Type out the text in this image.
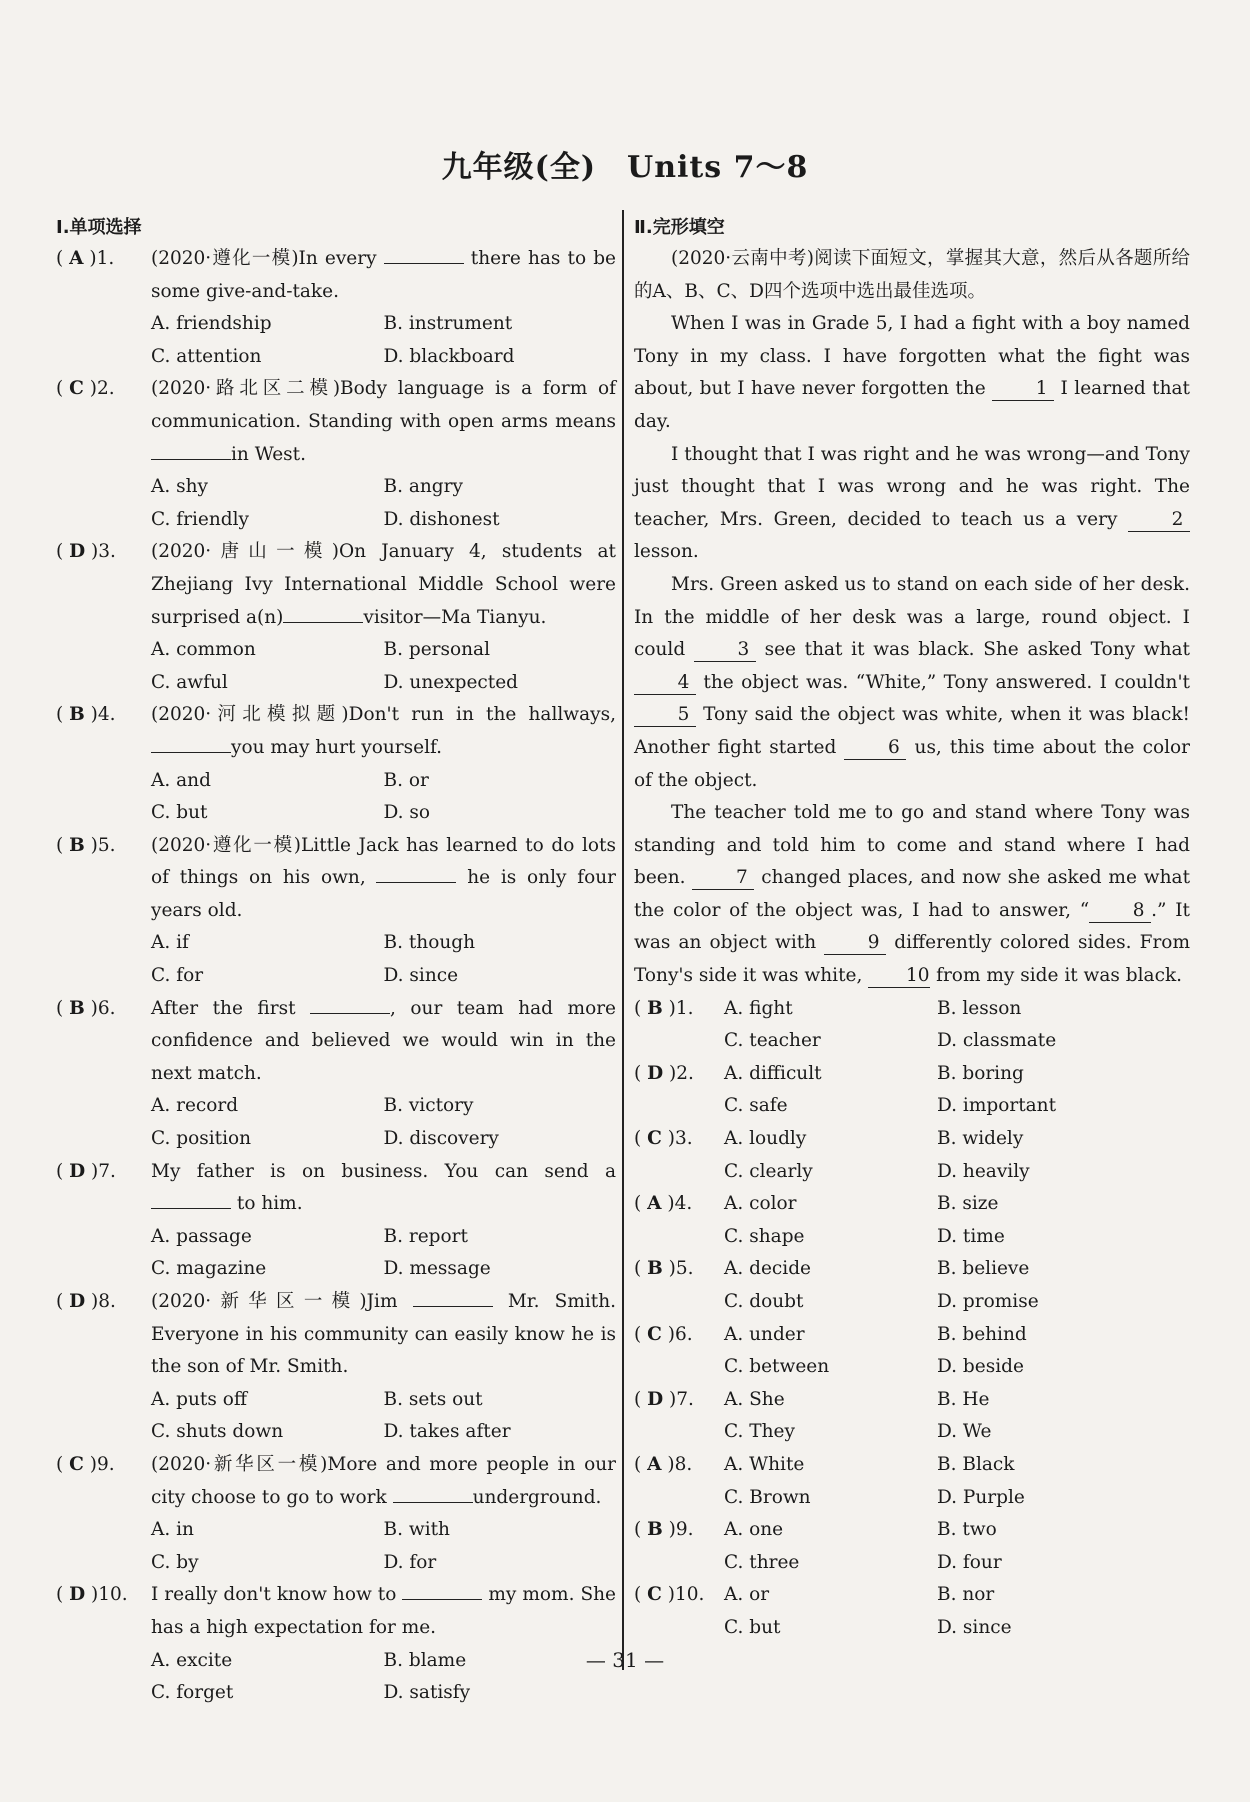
九年级(全)　Units 7～8
Ⅰ.单项选择
( A )1.	(2020·遵化一模)In every	there has to be some give-and-take.
A. friendship	B. instrument
C. attention	D. blackboard
( C )2.	(2020·路北区二模)Body language is a form of communication. Standing with open arms means in West.
A. shy	B. angry
C. friendly	D. dishonest
( D )3.	(2020·唐山一模)On January 4, students at Zhejiang Ivy International Middle School were surprised a(n)	visitor—Ma Tianyu.
A. common	B. personal
C. awful	D. unexpected
( B )4.	(2020·河北模拟题)Don't run in the hallways, you may hurt yourself.
A. and	B. or
C. but	D. so
( B )5.	(2020·遵化一模)Little Jack has learned to do lots of things on his own,	he is only four years old.
A. if	B. though
C. for	D. since
( B )6.	After the first	, our team had more confidence and believed we would win in the next match.
A. record	B. victory
C. position	D. discovery
( D )7.	My father is on business. You can send a  to him.
A. passage	B. report
C. magazine	D. message
( D )8.	(2020·新华区一模)Jim	Mr. Smith. Everyone in his community can easily know he is the son of Mr. Smith.
A. puts off	B. sets out
C. shuts down	D. takes after
( C )9.	(2020·新华区一模)More and more people in our city choose to go to work	underground.
A. in	B. with
C. by	D. for
( D )10.	I really don't know how to	my mom. She has a high expectation for me.
A. excite	B. blame
C. forget	D. satisfy
Ⅱ.完形填空

(2020·云南中考)阅读下面短文，掌握其大意，然后从各题所给的A、B、C、D四个选项中选出最佳选项。

When I was in Grade 5, I had a fight with a boy named Tony in my class. I have forgotten what the fight was about, but I have never forgotten the 1 I learned that day.

I thought that I was right and he was wrong—and Tony just thought that I was wrong and he was right. The teacher, Mrs. Green, decided to teach us a very 2 lesson.

Mrs. Green asked us to stand on each side of her desk. In the middle of her desk was a large, round object. I could 3 see that it was black. She asked Tony what 4 the object was. “White,” Tony answered. I couldn't 5 Tony said the object was white, when it was black! Another fight started 6 us, this time about the color of the object.

The teacher told me to go and stand where Tony was standing and told him to come and stand where I had been. 7 changed places, and now she asked me what the color of the object was, I had to answer, “ 8 .” It was an object with 9 differently colored sides. From Tony's side it was white, 10 from my side it was black.

( B )1.	A. fight	B. lesson
C. teacher	D. classmate
( D )2.	A. difficult	B. boring
C. safe	D. important
( C )3.	A. loudly	B. widely
C. clearly	D. heavily
( A )4.	A. color	B. size
C. shape	D. time
( B )5.	A. decide	B. believe
C. doubt	D. promise
( C )6.	A. under	B. behind
C. between	D. beside
( D )7.	A. She	B. He
C. They	D. We
( A )8.	A. White	B. Black
C. Brown	D. Purple
( B )9.	A. one	B. two
C. three	D. four
( C )10.	A. or	B. nor
C. but	D. since
— 31 —
